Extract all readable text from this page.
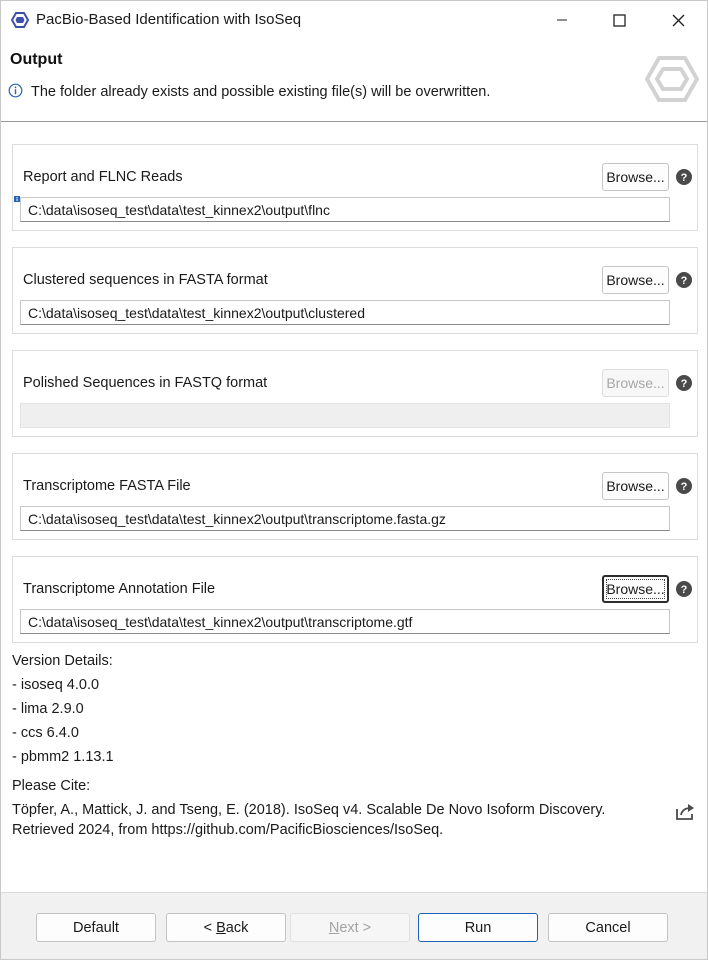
PacBio-Based Identification with IsoSeq
Output
The folder already exists and possible existing file(s) will be overwritten.
Report and FLNC Reads	Browse...	?
C:\data\isoseq_test\data\test_kinnex2\output\flnc
Clustered sequences in FASTA format	Browse...	?
C:\data\isoseq_test\data\test_kinnex2\output\clustered
Polished Sequences in FASTQ format	Browse...	?
Transcriptome FASTA File	Browse...	?
C:\data\isoseq_test\data\test_kinnex2\output\transcriptome.fasta.gz
Transcriptome Annotation File	Browse...	?
C:\data\isoseq_test\data\test_kinnex2\output\transcriptome.gtf
Version Details:
- isoseq 4.0.0
- lima 2.9.0
- ccs 6.4.0
- pbmm2 1.13.1
Please Cite:
Töpfer, A., Mattick, J. and Tseng, E. (2018). IsoSeq v4. Scalable De Novo Isoform Discovery.
Retrieved 2024, from https://github.com/PacificBiosciences/IsoSeq.
Default	< B ack	N ext >	Run	Cancel
